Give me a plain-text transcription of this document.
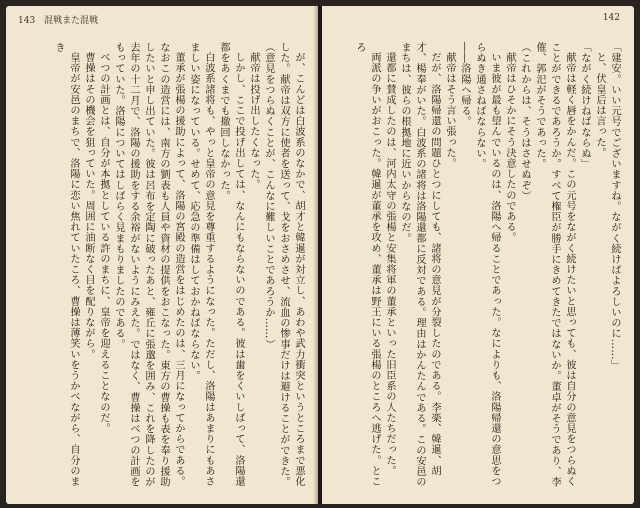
143 混戦また混戦

が、こんどは白波系のなかで、胡才と韓暹が対立し、あわや武力衝突というところまで悪化した。献帝は双方に使者を送って、戈をおさめさせ、流血の惨事だけは避けることができた。

（意見をつらぬくことが、こんなに難しいことであろうか……）

献帝は投げ出したくなった。

しかし、ここで投げ出しては、なんにもならないのである。彼は歯をくいしばって、洛陽還都をあくまでも撤回しなかった。

白波系諸将も、やっと皇帝の意見を尊重するようになった。ただし、洛陽はあまりにもあさましい姿になっている。せめて、応急の準備はしておかねばならない。

董承が張楊の援助によって、洛陽の宮殿の造営をはじめたのは、三月になってからである。なおこの造営には、南方の劉表も人員や資材の提供をおこなった。東方の曹操も表を奉り援助したいと申し出ていた。彼は呂布を定陶に破ったあと、雍丘に張邈を囲み、これを降したのが去年の十二月で、洛陽の援助をする余裕がないようにみえた。ではなく、曹操はべつの計画をもっていた。洛陽についてはしばらく見まもりましたのである。

べつの計画とは、自分が本拠としている許のまちに、皇帝を迎えることなのだ。

曹操はその機会を狙っていた。周囲に油断なく目を配りながら。

皇帝が安邑のまちで、洛陽に恋い焦れていたころ、曹操は薄笑いをうかべながら、自分のまき

142

「建安。いい元号でございますね。ながく続けばよろしいのに……」

と、伏皇后は言った。

「ながく続けねばならぬ」

献帝は軽く唇をかんだ。この元号をながく続けたいと思っても、彼は自分の意見をつらぬくことができるであろうか。すべて権臣が勝手にきめてきたではないか。董卓がそうであり、李傕、郭汜がそうであった。

（これからは、そうはさせぬぞ）

献帝はひそかにそう決意したのである。

いま彼が最も望んでいるのは、洛陽へ帰ることであった。なによりも、洛陽帰還の意思をつらぬき通さねばならない。

――洛陽へ帰る。

献帝はそう言い張った。

だが、洛陽帰還の問題ひとつにしても、諸将の意見が分裂したのである。李楽、韓暹、胡才、楊奉がいた。白波系の諸将は洛陽還都に反対である。理由はかんたんである。この安邑のまちは、彼らの根拠地に近いからなのだ。

還都に賛成したのは、河内太守の張楊と安集将軍の董承といった旧臣系の人たちだった。

両派の争いがおこった。韓暹が董承を攻め、董承は野王にいる張楊のところへ逃げた。ところ
